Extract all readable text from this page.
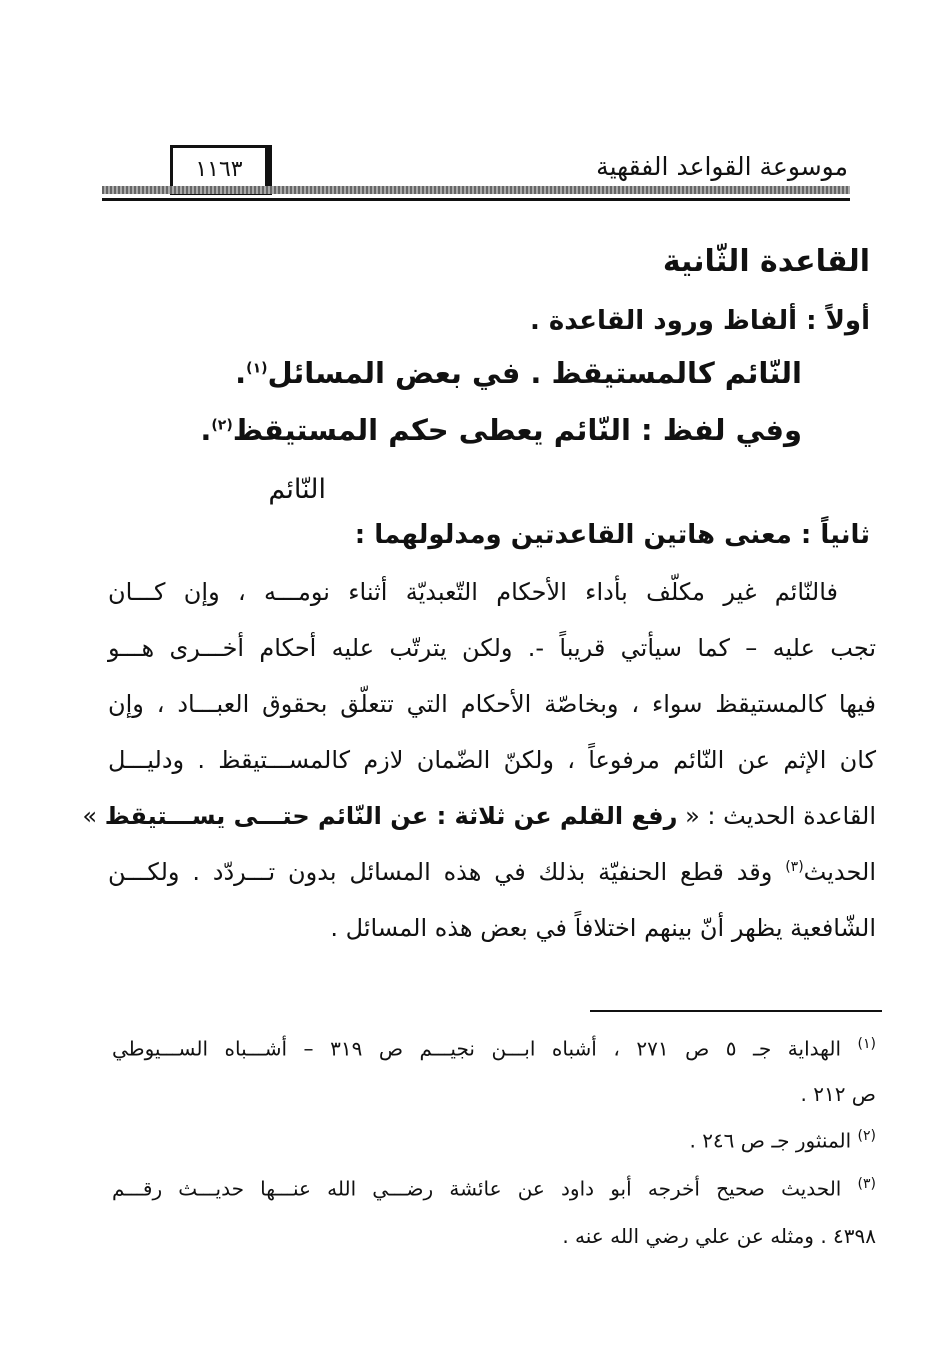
موسوعة القواعد الفقهية
١١٦٣
القاعدة الثّانية
أولاً : ألفاظ ورود القاعدة .
النّائم كالمستيقظ . في بعض المسائل$^{(١)}$.
وفي لفظ : النّائم يعطى حكم المستيقظ$^{(٢)}$.
النّائم
ثانياً : معنى هاتين القاعدتين ومدلولهما :
فالنّائم غير مكلّف بأداء الأحكام التّعبديّة أثناء نومـــه ، وإن كـــان
تجب عليه – كما سيأتي قريباً -. ولكن يترتّب عليه أحكام أخـــرى هـــو
فيها كالمستيقظ سواء ، وبخاصّة الأحكام التي تتعلّق بحقوق العبـــاد ، وإن
كان الإثم عن النّائم مرفوعاً ، ولكنّ الضّمان لازم كالمســـتيقظ . ودليـــل
القاعدة الحديث : « رفع القلم عن ثلاثة : عن النّائم حتـــى يســـتيقظ »
الحديث$^{(٣)}$ وقد قطع الحنفيّة بذلك في هذه المسائل بدون تـــردّد . ولكـــن
الشّافعية يظهر أنّ بينهم اختلافاً في بعض هذه المسائل .
$^{(١)}$ الهداية جـ ٥ ص ٢٧١ ، أشباه ابـــن نجيـــم ص ٣١٩ – أشـــباه الســـيوطي
ص ٢١٢ .
$^{(٢)}$ المنثور جـ ص ٢٤٦ .
$^{(٣)}$ الحديث صحيح أخرجه أبو داود عن عائشة رضـــي الله عنـــها حديـــث رقـــم
٤٣٩٨ . ومثله عن علي رضي الله عنه .
